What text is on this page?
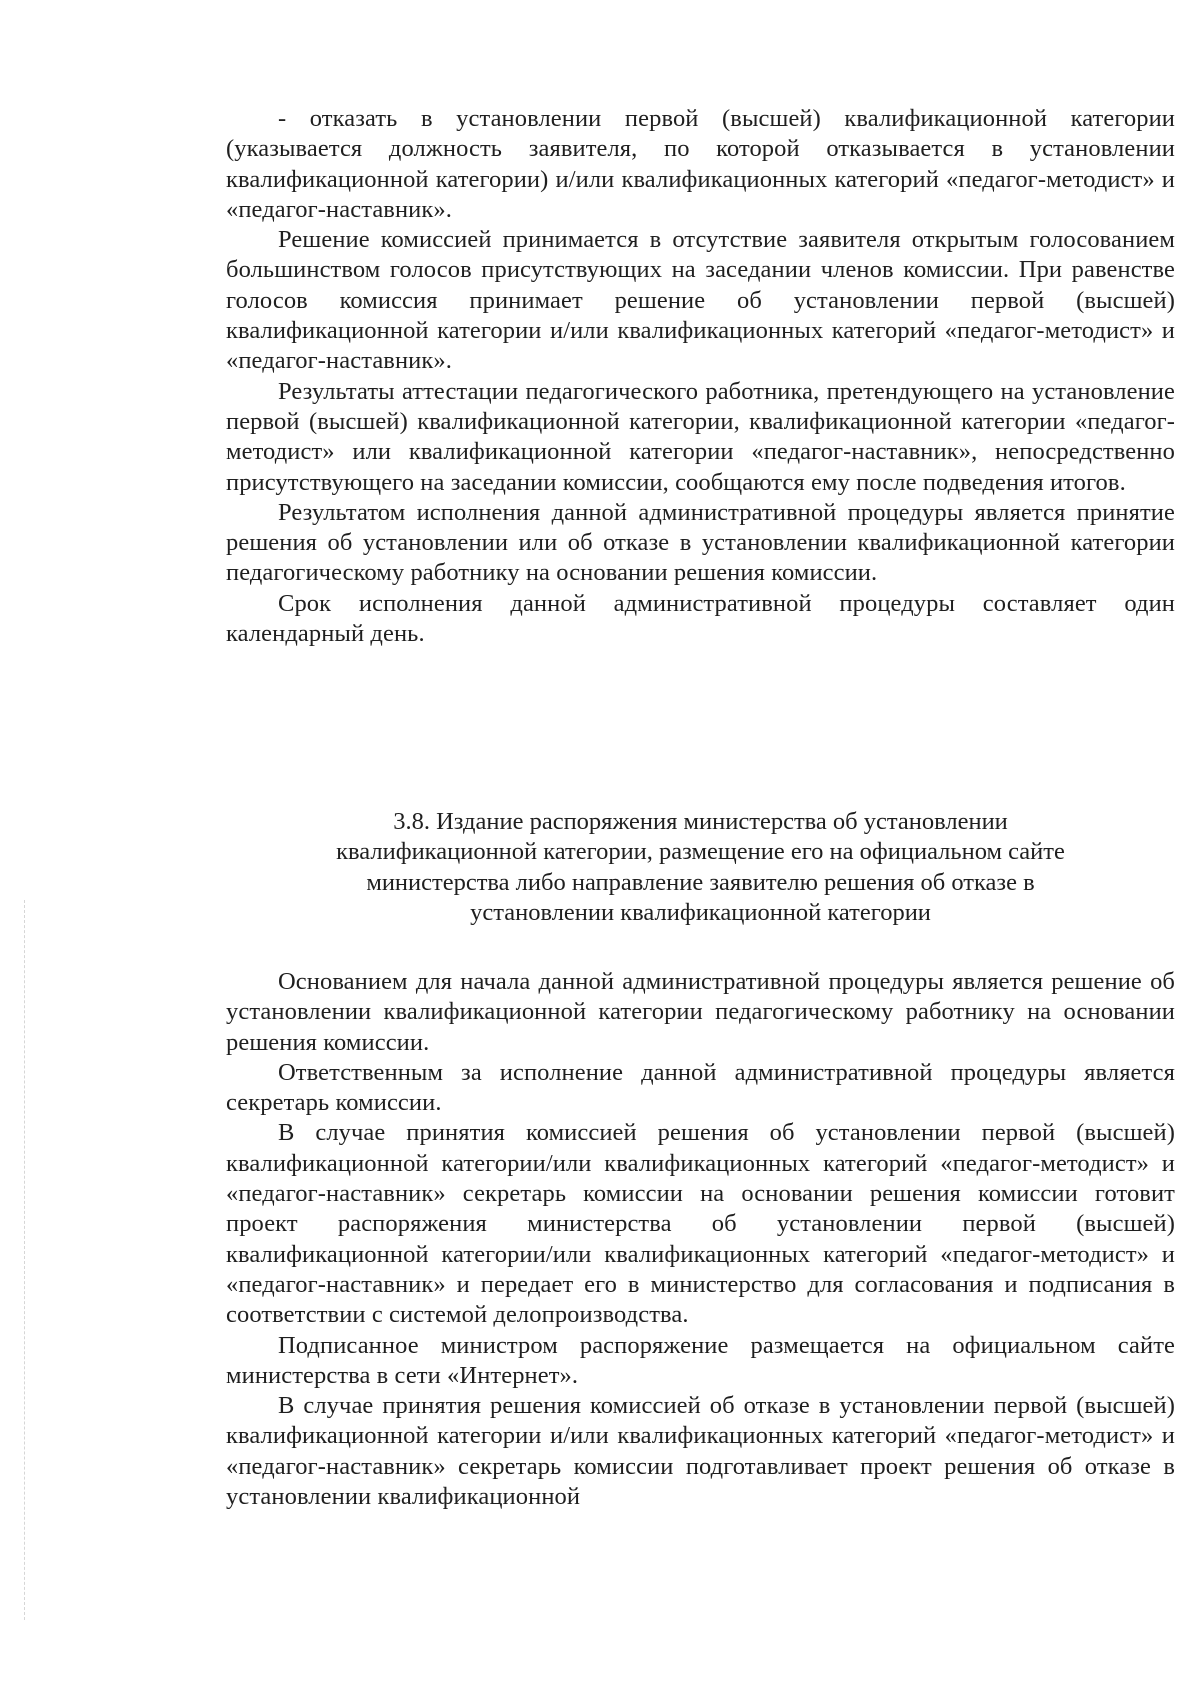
- отказать в установлении первой (высшей) квалификационной категории (указывается должность заявителя, по которой отказывается в установлении квалификационной категории) и/или квалификационных категорий «педагог-методист» и «педагог-наставник».

Решение комиссией принимается в отсутствие заявителя открытым голосованием большинством голосов присутствующих на заседании членов комиссии. При равенстве голосов комиссия принимает решение об установлении первой (высшей) квалификационной категории и/или квалификационных категорий «педагог-методист» и «педагог-наставник».

Результаты аттестации педагогического работника, претендующего на установление первой (высшей) квалификационной категории, квалификационной категории «педагог-методист» или квалификационной категории «педагог-наставник», непосредственно присутствующего на заседании комиссии, сообщаются ему после подведения итогов.

Результатом исполнения данной административной процедуры является принятие решения об установлении или об отказе в установлении квалификационной категории педагогическому работнику на основании решения комиссии.

Срок исполнения данной административной процедуры составляет один календарный день.

3.8. Издание распоряжения министерства об установлении
квалификационной категории, размещение его на официальном сайте
министерства либо направление заявителю решения об отказе в
установлении квалификационной категории

Основанием для начала данной административной процедуры является решение об установлении квалификационной категории педагогическому работнику на основании решения комиссии.

Ответственным за исполнение данной административной процедуры является секретарь комиссии.

В случае принятия комиссией решения об установлении первой (высшей) квалификационной категории/или квалификационных категорий «педагог-методист» и «педагог-наставник» секретарь комиссии на основании решения комиссии готовит проект распоряжения министерства об установлении первой (высшей) квалификационной категории/или квалификационных категорий «педагог-методист» и «педагог-наставник» и передает его в министерство для согласования и подписания в соответствии с системой делопроизводства.

Подписанное министром распоряжение размещается на официальном сайте министерства в сети «Интернет».

В случае принятия решения комиссией об отказе в установлении первой (высшей) квалификационной категории и/или квалификационных категорий «педагог-методист» и «педагог-наставник» секретарь комиссии подготавливает проект решения об отказе в установлении квалификационной
